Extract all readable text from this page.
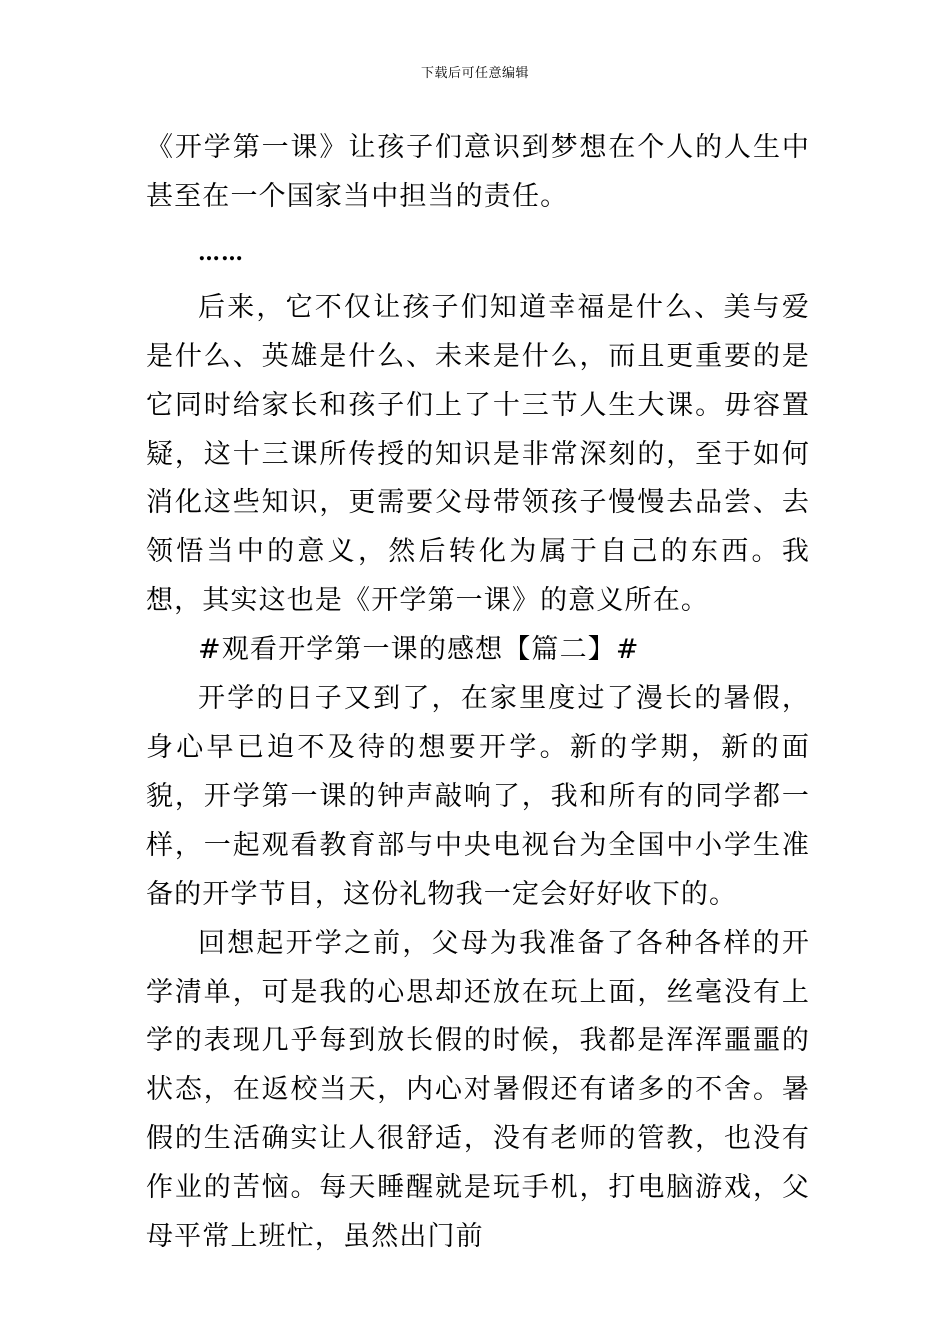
下载后可任意编辑

《开学第一课》让孩子们意识到梦想在个人的人生中甚至在一个国家当中担当的责任。

……

后来，它不仅让孩子们知道幸福是什么、美与爱是什么、英雄是什么、未来是什么，而且更重要的是它同时给家长和孩子们上了十三节人生大课。毋容置疑，这十三课所传授的知识是非常深刻的，至于如何消化这些知识，更需要父母带领孩子慢慢去品尝、去领悟当中的意义，然后转化为属于自己的东西。我想，其实这也是《开学第一课》的意义所在。

#观看开学第一课的感想【篇二】#

开学的日子又到了，在家里度过了漫长的暑假，身心早已迫不及待的想要开学。新的学期，新的面貌，开学第一课的钟声敲响了，我和所有的同学都一样，一起观看教育部与中央电视台为全国中小学生准备的开学节目，这份礼物我一定会好好收下的。

回想起开学之前，父母为我准备了各种各样的开学清单，可是我的心思却还放在玩上面，丝毫没有上学的表现几乎每到放长假的时候，我都是浑浑噩噩的状态，在返校当天，内心对暑假还有诸多的不舍。暑假的生活确实让人很舒适，没有老师的管教，也没有作业的苦恼。每天睡醒就是玩手机，打电脑游戏，父母平常上班忙，虽然出门前
